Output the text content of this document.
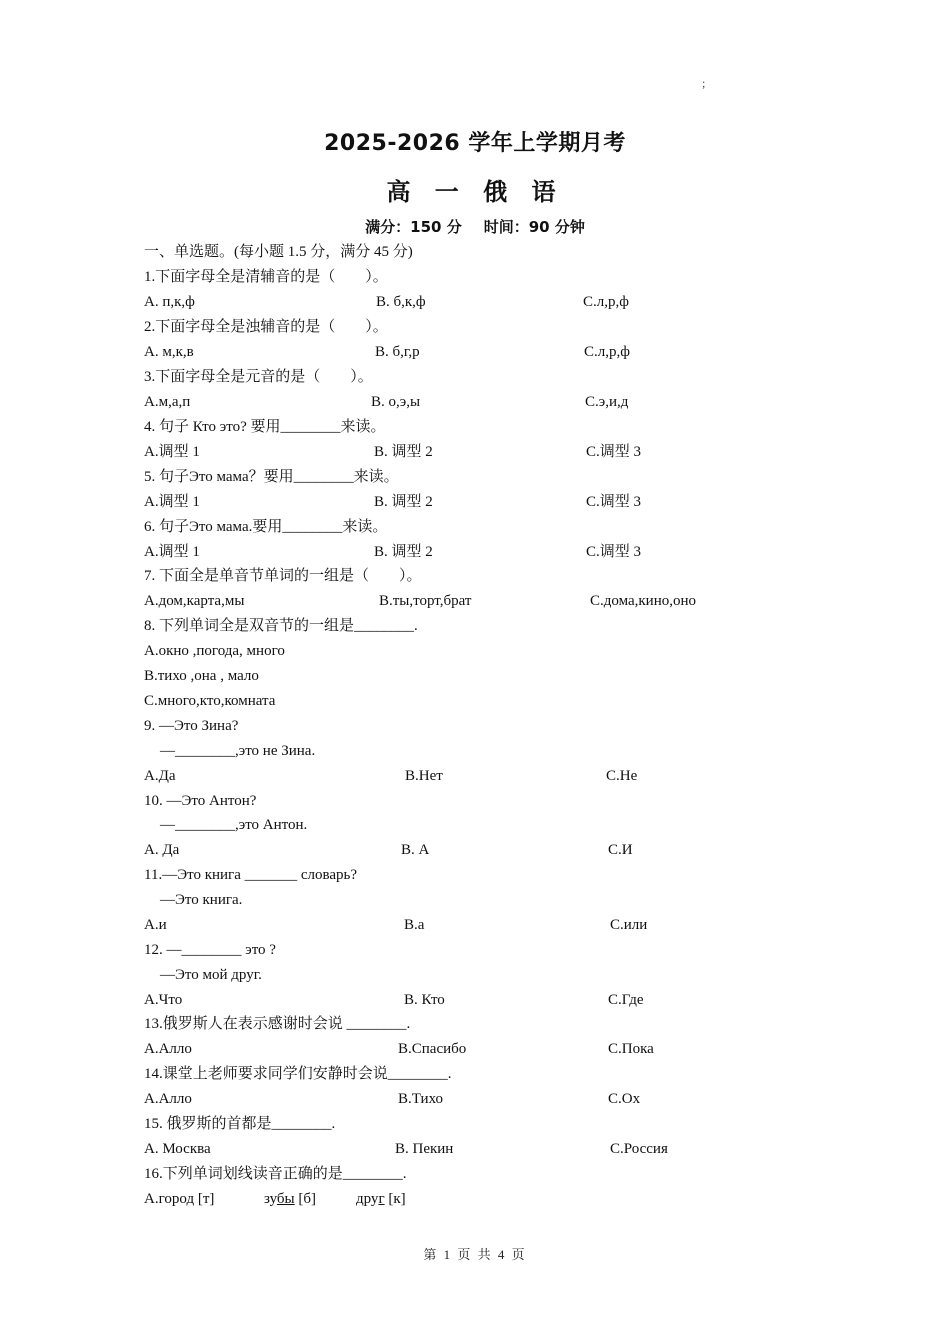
;
2025-2026 学年上学期月考
高 一 俄 语
满分：150 分 时间：90 分钟
一、单选题。(每小题 1.5 分，满分 45 分)
1.下面字母全是清辅音的是（　　）。
A. п,к,ф	B. б,к,ф	C.л,р,ф
2.下面字母全是浊辅音的是（　　）。
A. м,к,в	B. б,г,р	C.л,р,ф
3.下面字母全是元音的是（　　）。
A.м,а,п	B. о,э,ы	C.э,и,д
4. 句子 Кто это? 要用________来读。
A.调型 1	B. 调型 2	C.调型 3
5. 句子Это мама？要用________来读。
A.调型 1	B. 调型 2	C.调型 3
6. 句子Это мама.要用________来读。
A.调型 1	B. 调型 2	C.调型 3
7. 下面全是单音节单词的一组是（　　）。
A.дом,карта,мы	B.ты,торт,брат	C.дома,кино,оно
8. 下列单词全是双音节的一组是________.
A.окно ,погода, много
B.тихо ,она , мало
C.много,кто,комната
9. —Это Зина?
—________,это не Зина.
A.Да	B.Нет	C.Не
10. —Это Антон?
—________,это Антон.
A. Да	B. А	C.И
11.—Это книга _______ словарь?
—Это книга.
A.и	B.а	C.или
12. —________ это ?
—Это мой друг.
A.Что	B. Кто	C.Где
13.俄罗斯人在表示感谢时会说 ________.
A.Алло	B.Спасибо	C.Пока
14.课堂上老师要求同学们安静时会说________.
A.Алло	B.Тихо	C.Ох
15. 俄罗斯的首都是________.
A. Москва	B. Пекин	C.Россия
16.下列单词划线读音正确的是________.
A.город [т]	зубы [б]	друг [к]
第 1 页 共 4 页
